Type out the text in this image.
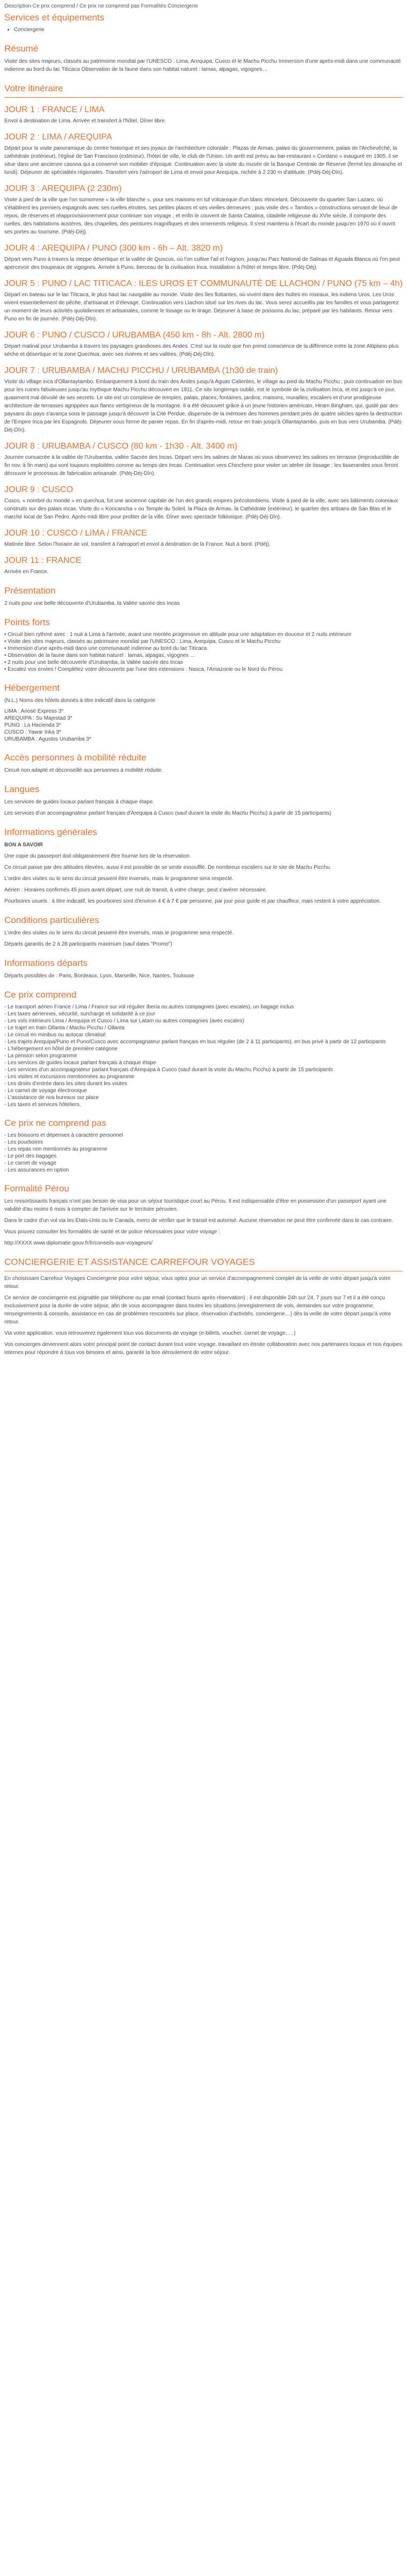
Description Ce prix comprend / Ce prix ne comprend pas Formalités Conciergerie
Services et équipements
• Conciergerie
Résumé

Visite des sites majeurs, classés au patrimoine mondial par l'UNESCO : Lima, Arequipa, Cusco et le Machu Picchu Immersion d'une après-midi dans une communauté indienne au bord du lac Titicaca Observation de la faune dans son habitat naturel : lamas, alpagas, vigognes…

Votre itinéraire
JOUR 1 : FRANCE / LIMA

Envol à destination de Lima. Arrivée et transfert à l'hôtel. Dîner libre.

JOUR 2 : LIMA / AREQUIPA

Départ pour la visite panoramique du centre historique et ses joyaux de l'architecture coloniale : Plazas de Armas, palais du gouvernement, palais de l'Archevêché, la cathédrale (extérieur), l'église de San Francisco (extérieur), l'hôtel de ville, le club de l'Union. Un arrêt est prévu au bar-restaurant « Cordano » inauguré en 1905, il se situe dans une ancienne casona qui a conservé son mobilier d'époque. Continuation avec la visite du musée de la Banque Centrale de Réserve (fermé les dimanche et lundi). Déjeuner de spécialités régionales. Transfert vers l'aéroport de Lima et envol pour Arequipa, nichée à 2 230 m d'altitude. (Pdéj-Déj-Dîn).

JOUR 3 : AREQUIPA (2 230m)

Visite à pied de la ville que l'on surnomme « la ville blanche », pour ses maisons en tuf volcanique d'un blanc étincelant. Découverte du quartier San Lazaro, où s'établirent les premiers espagnols avec ses ruelles étroites, ses petites places et ses vieilles demeures ; puis visite des « Tambos » constructions servant de lieux de repos, de réserves et réapprovisionnement pour continuer son voyage ; et enfin le couvent de Santa Catalina, citadelle religieuse du XVIe siècle. Il comporte des ruelles, des habitations austères, des chapelles, des peintures magnifiques et des ornements religieux. Il s'est maintenu à l'écart du monde jusqu'en 1970 où il ouvrit ses portes au tourisme. (Pdéj-Déj).

JOUR 4 : AREQUIPA / PUNO (300 km - 6h – Alt. 3820 m)

Départ vers Puno à travers la steppe désertique et la vallée de Quiscos, où l'on cultive l'ail et l'oignon, jusqu'au Parc National de Salinas et Aguada Blanca où l'on peut apercevoir des troupeaux de vigognes. Arrivée à Puno, berceau de la civilisation Inca. Installation à l'hôtel et temps libre. (Pdéj-Déj).

JOUR 5 : PUNO / LAC TITICACA : ILES UROS ET COMMUNAUTÉ DE LLACHON / PUNO (75 km – 4h)

Départ en bateau sur le lac Titicaca, le plus haut lac navigable au monde. Visite des îles flottantes, où vivent dans des huttes en roseaux, les indiens Uros. Les Uros vivent essentiellement de pêche, d'artisanat et d'élevage. Continuation vers Llachon situé sur les rives du lac. Vous serez accueillis par les familles et vous partagerez un moment de leurs activités quotidiennes et artisanales, comme le tissage ou le tirage. Déjeuner à base de poissons du lac, préparé par les habitants. Retour vers Puno en fin de journée. (Pdéj-Déj-Dîn).

JOUR 6 : PUNO / CUSCO / URUBAMBA (450 km - 8h - Alt. 2800 m)

Départ matinal pour Urubamba à travers les paysages grandioses des Andes. C'est sur la route que l'on prend conscience de la différence entre la zone Altiplano plus sèche et désertique et la zone Quechua, avec ses rivières et ses vallées. (Pdéj-Déj-Dîn).

JOUR 7 : URUBAMBA / MACHU PICCHU / URUBAMBA (1h30 de train)

Visite du village inca d'Ollantaytambo. Embarquement à bord du train des Andes jusqu'à Aguas Calientes, le village au pied du Machu Picchu ; puis continuation en bus pour les ruines fabuleuses jusqu'au mythique Machu Picchu découvert en 1911. Ce site longtemps oublié, est le symbole de la civilisation Inca, et est jusqu'à ce jour, quasiment mal dévoilé de ses secrets. Le site est un complexe de temples, palais, places, fontaines, jardins, maisons, murailles, escaliers et d'une prodigieuse architecture de terrasses agrippées aux flancs vertigineux de la montagne. Il a été découvert grâce à un jeune historien américain, Hiram Bingham, qui, guidé par des paysans du pays s'avança sous le passage jusqu'à découvrir la Cité Perdue, dispersée de la mémoire des hommes pendant près de quatre siècles après la destruction de l'Empire Inca par les Espagnols. Déjeuner sous forme de panier repas. En fin d'après-midi, retour en train jusqu'à Ollantaytambo, puis en bus vers Urubamba. (Pdéj-Déj-Dîn).

JOUR 8 : URUBAMBA / CUSCO (80 km - 1h30 - Alt. 3400 m)

Journée consacrée à la vallée de l'Urubamba, vallée Sacrée des Incas. Départ vers les salines de Maras où vous observerez les salines en terrasse (improductible de fin nov. à fin mars) qui sont toujours exploitées comme au temps des Incas. Continuation vers Chinchero pour visiter un atelier de tissage ; les tisserandes vous feront découvrir le processus de fabrication artisanale. (Pdéj-Déj-Dîn).

JOUR 9 : CUSCO

Cusco, « nombril du monde » en quechua, fut une ancienne capitale de l'un des grands empires précolombiens. Visite à pied de la ville, avec ses bâtiments coloniaux construits sur des palais incas. Visite du « Koricancha » ou Temple du Soleil, la Plaza de Armas, la Cathédrale (extérieur), le quartier des artisans de San Blas et le marché local de San Pedro. Après-midi libre pour profiter de la ville. Dîner avec spectacle folklorique. (Pdéj-Déj-Dîn).

JOUR 10 : CUSCO / LIMA / FRANCE

Matinée libre. Selon l'horaire de vol, transfert à l'aéroport et envol à destination de la France. Nuit à bord. (Pdéj).

JOUR 11 : FRANCE

Arrivée en France.

Présentation

2 nuits pour une belle découverte d'Urubamba, la Vallée sacrée des Incas

Points forts
• Circuit bien rythmé avec : 1 nuit à Lima à l'arrivée, avant une montée progressive en altitude pour une adaptation en douceur et 2 nuits intérieure
• Visite des sites majeurs, classés au patrimoine mondial par l'UNESCO : Lima, Arequipa, Cusco et le Machu Picchu
• Immersion d'une après-midi dans une communauté indienne au bord du lac Titicaca
• Observation de la faune dans son habitat naturel : lamas, alpagas, vigognes …
• 2 nuits pour une belle découverte d'Urubamba, la Vallée sacrée des Incas
• Escalez vos envies ! Complétez votre découverte par l'une des extensions : Nasca, l'Amazonie ou le Nord du Pérou
Hébergement

(N.L.) Noms des hôtels donnés à titre indicatif dans la catégorie

LIMA : Ariosé Express 3*
AREQUIPA : Su Majestad 3*
PUNO : La Hacienda 3*
CUSCO : Yawar Inka 3*
URUBAMBA : Agustos Urubamba 3*
Accès personnes à mobilité réduite

Circuit non adapté et déconseillé aux personnes à mobilité réduite.

Langues

Les services de guides locaux parlant français à chaque étape.

Les services d'un accompagnateur parlant français d'Arequipa à Cusco (sauf durant la visite du Machu Picchu) à partir de 15 participants)

Informations générales

BON A SAVOIR

Une copie du passeport doit obligatoirement être fournie lors de la réservation.

Ce circuit passe par des altitudes élevées, aussi il est possible de se sentir essoufflé. De nombreux escaliers sur le site de Machu Picchu.

L'ordre des visites ou le sens du circuit peuvent être inversés, mais le programme sera respecté.

Aérien : Horaires confirmés 45 jours avant départ, une nuit de transit, à votre charge, peut s'avérer nécessaire.

Pourboires usuels : à titre indicatif, les pourboires sont d'environ 4 € à 7 € par personne, par jour pour guide et par chauffeur, mais restent à votre appréciation.

Conditions particulières

L'ordre des visites ou le sens du circuit peuvent être inversés, mais le programme sera respecté.

Départs garantis de 2 à 28 participants maximum (sauf dates "Promo")

Informations départs

Départs possibles de : Paris, Bordeaux, Lyon, Marseille, Nice, Nantes, Toulouse

Ce prix comprend
- Le transport aérien France / Lima / France sur vol régulier Iberia ou autres compagnies (avec escales), un bagage inclus
- Les taxes aériennes, sécurité, surcharge et solidarité à ce jour
- Les vols intérieurs Lima / Arequipa et Cusco / Lima sur Latam ou autres compagnies (avec escales)
- Le trajet en train Ollanta / Machu Picchu / Ollanta
- Le circuit en minibus ou autocar climatisé
- Les trajets Arequipa/Puno et Puno/Cusco avec accompagnateur parlant français en bus régulier (de 2 à 11 participants), en bus privé à partir de 12 participants
- L'hébergement en hôtel de première catégorie
- La pension selon programme
- Les services de guides locaux parlant français à chaque étape
- Les services d'un accompagnateur parlant français d'Arequipa à Cusco (sauf durant la visite du Machu Picchu) à partir de 15 participants
- Les visites et excursions mentionnées au programme
- Les droits d'entrée dans les sites durant les visites
- Le carnet de voyage électronique
- L'assistance de nos bureaux sur place
- Les taxes et services hôteliers.
Ce prix ne comprend pas
- Les boissons et dépenses à caractère personnel
- Les pourboires
- Les repas non mentionnés au programme
- Le port des bagages
- Le carnet de voyage
- Les assurances en option
Formalité Pérou

Les ressortissants français n'ont pas besoin de visa pour un séjour touristique court au Pérou. Il est indispensable d'être en possession d'un passeport ayant une validité d'au moins 6 mois à compter de l'arrivée sur le territoire péruvien.

Dans le cadre d'un vol via les Etats-Unis ou le Canada, merci de vérifier que le transit est autorisé. Aucune réservation ne peut être confirmée dans le cas contraire.

Vous pouvez consulter les formalités de santé et de police nécessaires pour votre voyage :

http://XXXX.www.diplomatie.gouv.fr/fr/conseils-aux-voyageurs/

CONCIERGERIE ET ASSISTANCE CARREFOUR VOYAGES

En choisissant Carrefour Voyages Conciergerie pour votre séjour, vous optez pour un service d'accompagnement complet de la veille de votre départ jusqu'à votre retour.

Ce service de conciergerie est joignable par téléphone ou par email (contact fourni après réservation) : il est disponible 24h sur 24, 7 jours sur 7 et il a été conçu exclusivement pour la durée de votre séjour, afin de vous accompagner dans toutes les situations (enregistrement de vols, demandes sur votre programme, renseignements & conseils, assistance en cas de problèmes rencontrés sur place, réservation d'activités, conciergerie…) dès la veille de votre départ jusqu'à votre retour.

Via votre application, vous retrouverez également tous vos documents de voyage (e-billets, voucher, carnet de voyage, …)

Vos concierges deviennent alors votre principal point de contact durant tout votre voyage, travaillant en étroite collaboration avec nos partenaires locaux et nos équipes internes pour répondre à tous vos besoins et ainsi, garantir la bon déroulement de votre séjour.
